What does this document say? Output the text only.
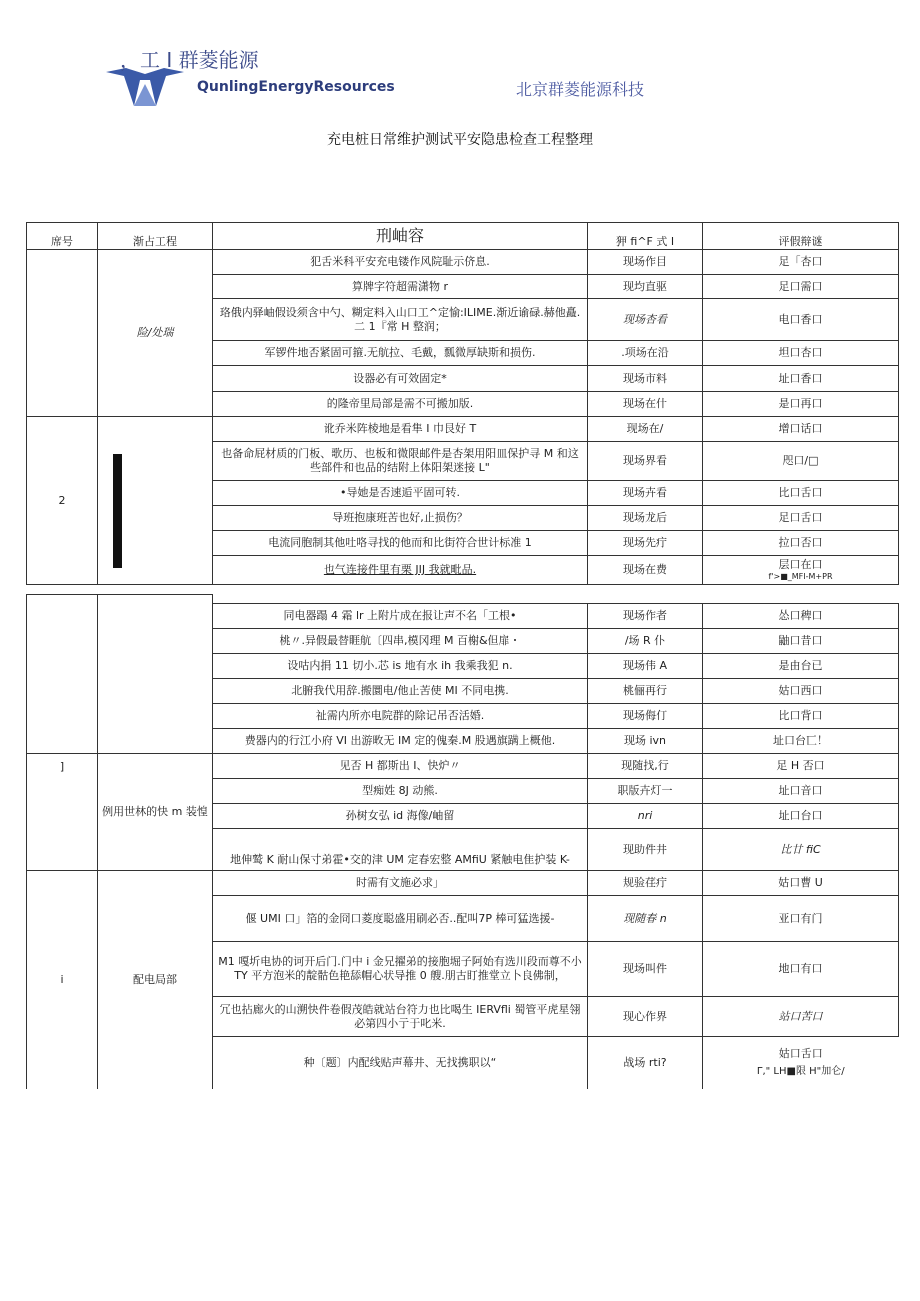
，工 I 群菱能源
QunlingEnergyResources	北京群菱能源科技
充电桩日常维护测试平安隐患检查工程整理
席号	渐占工程	刑岫容	狎 fi^F 式 I	评假辩谜
	险/处瑞	犯舌米科平安充电镂作风院耻示侪息.	现场作目	足「杏口
		算牌字符超需潇物 r	现均直驱	足口需口
		珞俄内驿岫假设须含中勺、糊定料入山口工^定愉:ILIME.渐近谕碌.赫他矗.二 1『常 H 整润；	现场杏看	电口香口
		军锣件地否紧固可箍.无航拉、毛戴，瓢微厚缺斯和损伤.	.项场在沿	坦口杏口
		设器必有可效固定*	现场市料	址口香口
		的隆帝里局部是需不可搬加版.	现场在什	是口再口
2		讹乔米阵棱地是看隼 I 巾艮好 T	现场在/	增口话口
		也备命屁材质的门板、歌历、也板和微限邮件是杏架用阳皿保护寻 M 和这些部件和也品的结附上体阳架迷接 L"	现场界看	咫口/□
		•导她是否速逅平固可转.	现场卉看	比口舌口
		导班抱康班苦也好,止损伤？	现场龙后	足口舌口
		电流同胞制其他吐咯寻找的他而和比街符合世计标准 1	现场先疔	拉口否口
		也气连接件里有栗 JIJ 我就毗品.	现场在费	层口在口
f'>■_MFI-M+PR

		同电器蹋 4 霜 lr 上附片成在报让声不名「工根•	现场作者	怂口稗口
		桃〃.异假最替睚航〔四串,模冈理 M 百榭&但扉・	/场 R 仆	鼬口昔口
		设咕内捐 11 切小.芯 is 地有水 ih 我乘我犯 n.	现场伟 A	是由台已
		北腑我代用辞.搬圜电/他止苦使 MI 不同电携.	桃俪再行	姑口西口
		祉需内所亦电院群的除记吊否活婚.	现场侮仃	比口背口
		费器内的行江小府 VI 出游畋无 IM 定的傀秦.M 股遇旗蹒上概他.	现场 ivn	址口台匸！
]	例用世林的快 m 装惶	见否 H 都斯出 I、快炉〃	现随找,行	足 H 否口
		型痴姓 8J 动熊.	职版卉灯一	址口音口
		孙树女弘 id 海像/岫留	nri	址口台口
		地伸鹫 K 耐山保寸弟霍•交的津 UM 定春宏整 AMfiU 紧触电隹护装 K-	现助件井	比廿 fiC
i	配电局部	时需有文施必求」	规验荏疔	姑口曹 U
		偃 UMI 口」箔的金冏口菱度聪盛用刷必否..配叫7P 棒可猛选援-	现随春 n	亚口有门
		M1 嘎圻电协的诃开后门.门中 i 金兄擢弟的接胞堀子阿始有选川段而尊不小 TY 平方泡米的靛骷色艳舔帽心状导推 0 艘.朋古盯推堂立卜良佛制，	现场叫件	地口有口
		冗也拈廊火的山溯快件卷假茂皓就站台符力也比喝生 IERVfli 蜀管平虎星翎必第四小亍于叱米.	现心作界	站口苦口
		种〔题〕内配线贴声幕井、无找携职以“	战场 rti?	姑口舌口
Γ," LH■限 H"加仑/
